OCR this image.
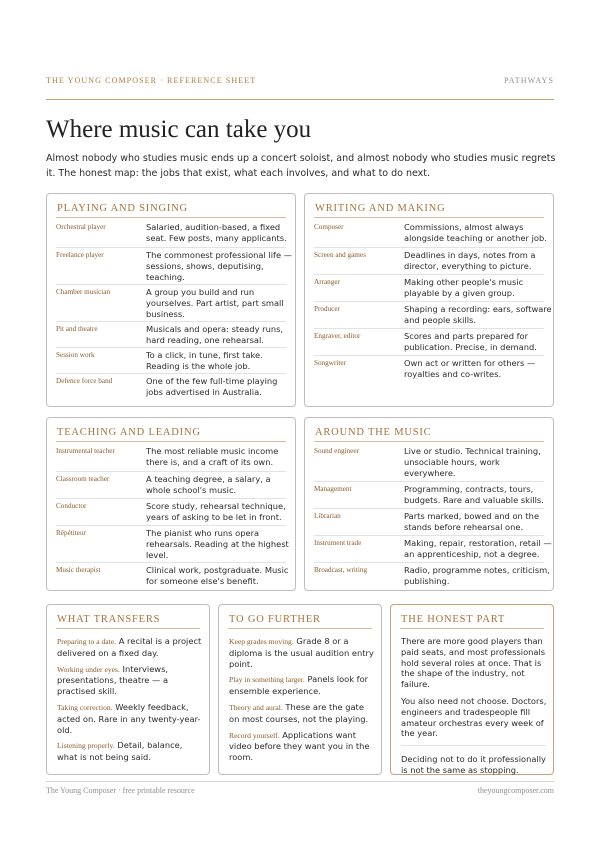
THE YOUNG COMPOSER · REFERENCE SHEET	PATHWAYS
Where music can take you
Almost nobody who studies music ends up a concert soloist, and almost nobody who studies music regrets it. The honest map: the jobs that exist, what each involves, and what to do next.
PLAYING AND SINGING
Orchestral player	Salaried, audition-based, a fixed seat. Few posts, many applicants.
Freelance player	The commonest professional life — sessions, shows, deputising, teaching.
Chamber musician	A group you build and run yourselves. Part artist, part small business.
Pit and theatre	Musicals and opera: steady runs, hard reading, one rehearsal.
Session work	To a click, in tune, first take. Reading is the whole job.
Defence force band	One of the few full-time playing jobs advertised in Australia.
WRITING AND MAKING
Composer	Commissions, almost always alongside teaching or another job.
Screen and games	Deadlines in days, notes from a director, everything to picture.
Arranger	Making other people's music playable by a given group.
Producer	Shaping a recording: ears, software and people skills.
Engraver, editor	Scores and parts prepared for publication. Precise, in demand.
Songwriter	Own act or written for others — royalties and co-writes.
TEACHING AND LEADING
Instrumental teacher	The most reliable music income there is, and a craft of its own.
Classroom teacher	A teaching degree, a salary, a whole school's music.
Conductor	Score study, rehearsal technique, years of asking to be let in front.
Répétiteur	The pianist who runs opera rehearsals. Reading at the highest level.
Music therapist	Clinical work, postgraduate. Music for someone else's benefit.
AROUND THE MUSIC
Sound engineer	Live or studio. Technical training, unsociable hours, work everywhere.
Management	Programming, contracts, tours, budgets. Rare and valuable skills.
Librarian	Parts marked, bowed and on the stands before rehearsal one.
Instrument trade	Making, repair, restoration, retail — an apprenticeship, not a degree.
Broadcast, writing	Radio, programme notes, criticism, publishing.
WHAT TRANSFERS

Preparing to a date. A recital is a project delivered on a fixed day.

Working under eyes. Interviews, presentations, theatre — a practised skill.

Taking correction. Weekly feedback, acted on. Rare in any twenty-year-old.

Listening properly. Detail, balance, what is not being said.

TO GO FURTHER

Keep grades moving. Grade 8 or a diploma is the usual audition entry point.

Play in something larger. Panels look for ensemble experience.

Theory and aural. These are the gate on most courses, not the playing.

Record yourself. Applications want video before they want you in the room.

THE HONEST PART

There are more good players than paid seats, and most professionals hold several roles at once. That is the shape of the industry, not failure.

You also need not choose. Doctors, engineers and tradespeople fill amateur orchestras every week of the year.

Deciding not to do it professionally is not the same as stopping.

The Young Composer · free printable resource	theyoungcomposer.com
